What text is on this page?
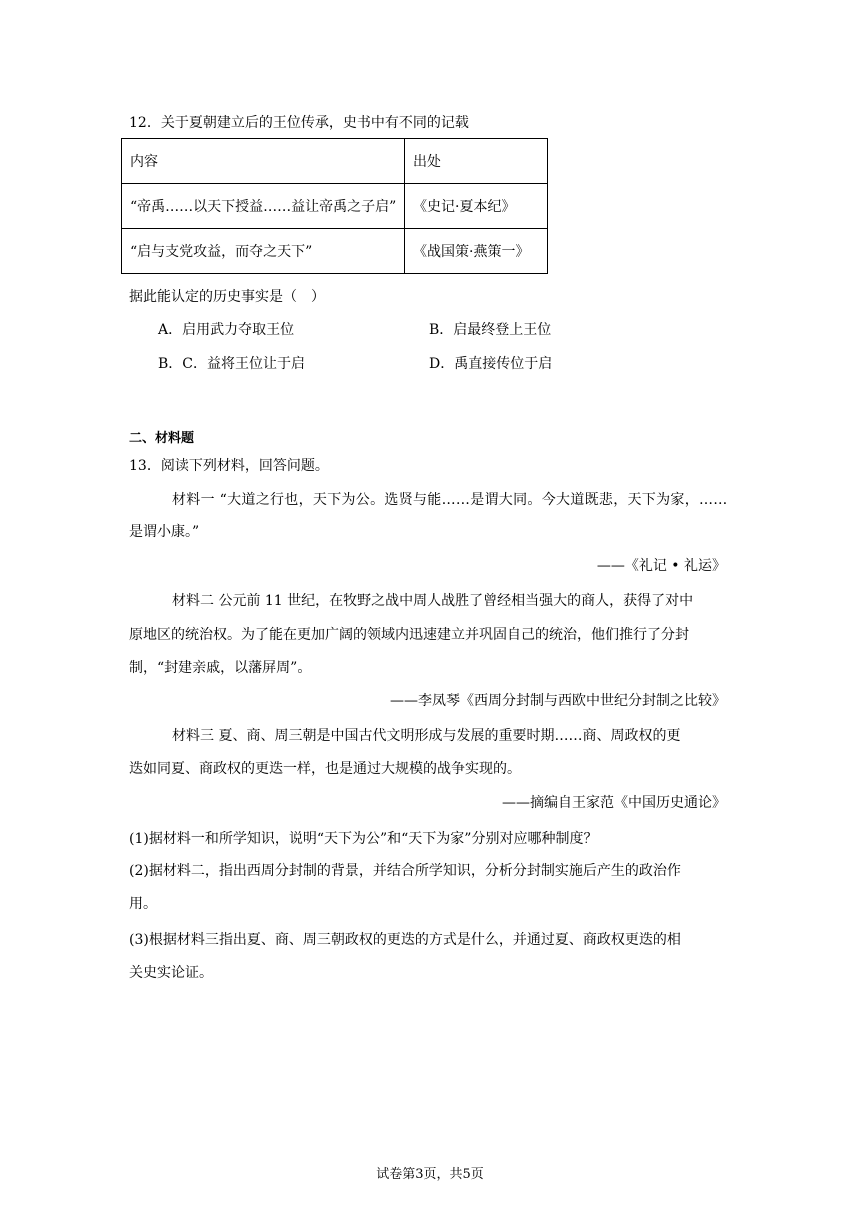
12．关于夏朝建立后的王位传承，史书中有不同的记载
内容	出处
“帝禹……以天下授益……益让帝禹之子启”	《史记·夏本纪》
“启与支党攻益，而夺之天下”	《战国策·燕策一》
据此能认定的历史事实是（　）
A．启用武力夺取王位	B．启最终登上王位
B．C．益将王位让于启	D．禹直接传位于启
二、材料题
13．阅读下列材料，回答问题。
材料一 “大道之行也，天下为公。选贤与能……是谓大同。今大道既悲，天下为家，……
是谓小康。”
——《礼记 • 礼运》
材料二 公元前 11 世纪，在牧野之战中周人战胜了曾经相当强大的商人，获得了对中
原地区的统治权。为了能在更加广阔的领域内迅速建立并巩固自己的统治，他们推行了分封
制，“封建亲戚，以藩屏周”。
——李凤琴《西周分封制与西欧中世纪分封制之比较》
材料三 夏、商、周三朝是中国古代文明形成与发展的重要时期……商、周政权的更
迭如同夏、商政权的更迭一样，也是通过大规模的战争实现的。
——摘编自王家范《中国历史通论》
(1)据材料一和所学知识，说明“天下为公”和“天下为家”分别对应哪种制度？
(2)据材料二，指出西周分封制的背景，并结合所学知识，分析分封制实施后产生的政治作
用。
(3)根据材料三指出夏、商、周三朝政权的更迭的方式是什么，并通过夏、商政权更迭的相
关史实论证。
试卷第3页，共5页
